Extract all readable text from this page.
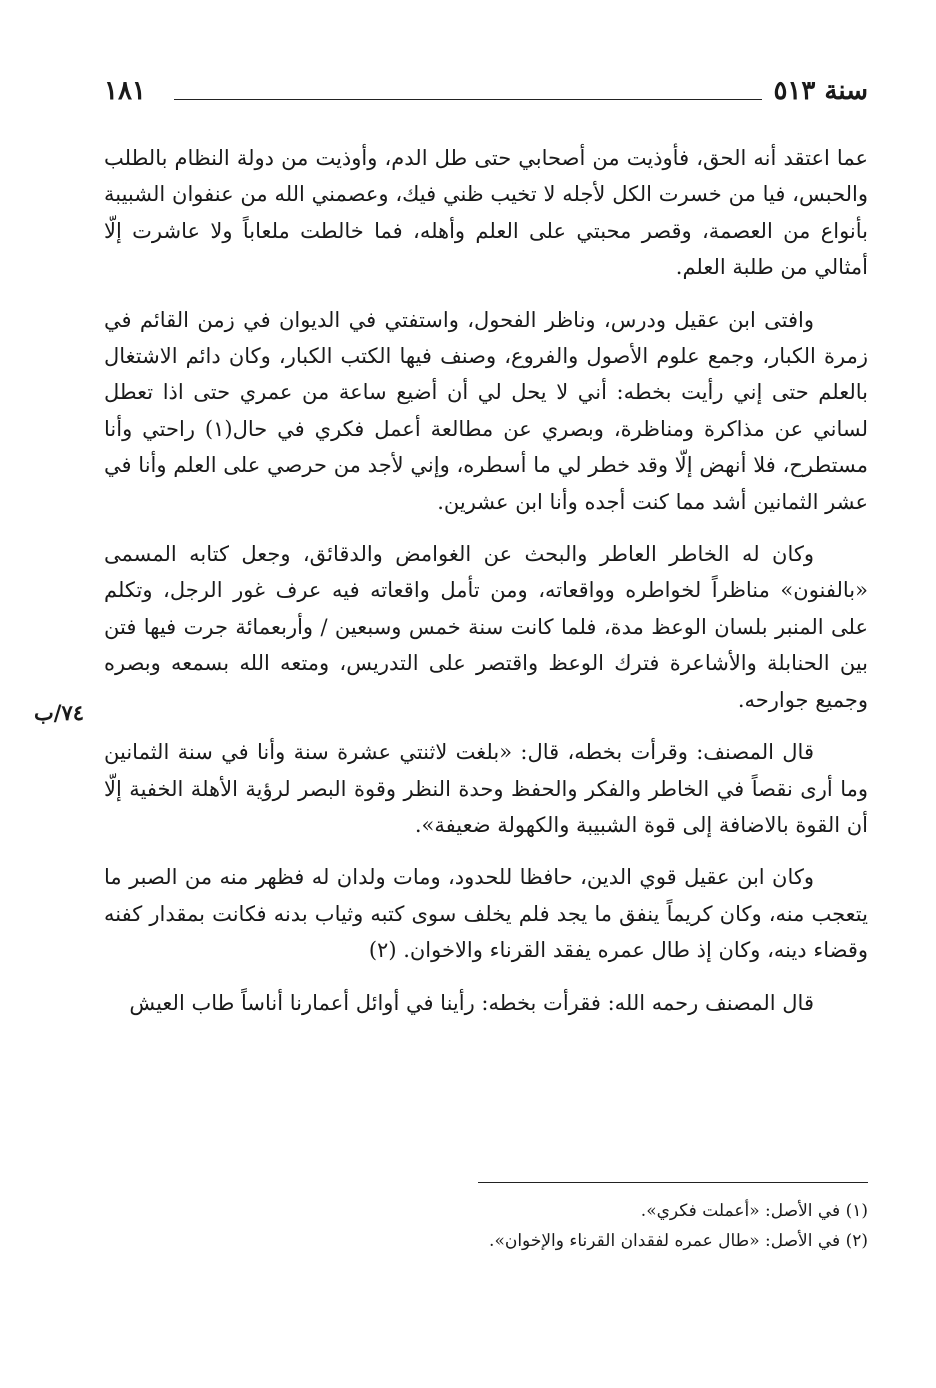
سنة ٥١٣
١٨١

عما اعتقد أنه الحق، فأوذيت من أصحابي حتى طل الدم، وأوذيت من دولة النظام بالطلب والحبس، فيا من خسرت الكل لأجله لا تخيب ظني فيك، وعصمني الله من عنفوان الشبيبة بأنواع من العصمة، وقصر محبتي على العلم وأهله، فما خالطت ملعاباً ولا عاشرت إلّا أمثالي من طلبة العلم.

وافتى ابن عقيل ودرس، وناظر الفحول، واستفتي في الديوان في زمن القائم في زمرة الكبار، وجمع علوم الأصول والفروع، وصنف فيها الكتب الكبار، وكان دائم الاشتغال بالعلم حتى إني رأيت بخطه: أني لا يحل لي أن أضيع ساعة من عمري حتى اذا تعطل لساني عن مذاكرة ومناظرة، وبصري عن مطالعة أعمل فكري في حال(١) راحتي وأنا مستطرح، فلا أنهض إلّا وقد خطر لي ما أسطره، وإني لأجد من حرصي على العلم وأنا في عشر الثمانين أشد مما كنت أجده وأنا ابن عشرين.

وكان له الخاطر العاطر والبحث عن الغوامض والدقائق، وجعل كتابه المسمى «بالفنون» مناظراً لخواطره وواقعاته، ومن تأمل واقعاته فيه عرف غور الرجل، وتكلم على المنبر بلسان الوعظ مدة، فلما كانت سنة خمس وسبعين / وأربعمائة جرت فيها فتن بين الحنابلة والأشاعرة فترك الوعظ واقتصر على التدريس، ومتعه الله بسمعه وبصره وجميع جوارحه.

قال المصنف: وقرأت بخطه، قال: «بلغت لاثنتي عشرة سنة وأنا في سنة الثمانين وما أرى نقصاً في الخاطر والفكر والحفظ وحدة النظر وقوة البصر لرؤية الأهلة الخفية إلّا أن القوة بالاضافة إلى قوة الشبيبة والكهولة ضعيفة».

وكان ابن عقيل قوي الدين، حافظا للحدود، ومات ولدان له فظهر منه من الصبر ما يتعجب منه، وكان كريماً ينفق ما يجد فلم يخلف سوى كتبه وثياب بدنه فكانت بمقدار كفنه وقضاء دينه، وكان إذ طال عمره يفقد القرناء والاخوان. (٢)

قال المصنف رحمه الله: فقرأت بخطه: رأينا في أوائل أعمارنا أناساً طاب العيش

٧٤/ب
(١) في الأصل: «أعملت فكري».
(٢) في الأصل: «طال عمره لفقدان القرناء والإخوان».
